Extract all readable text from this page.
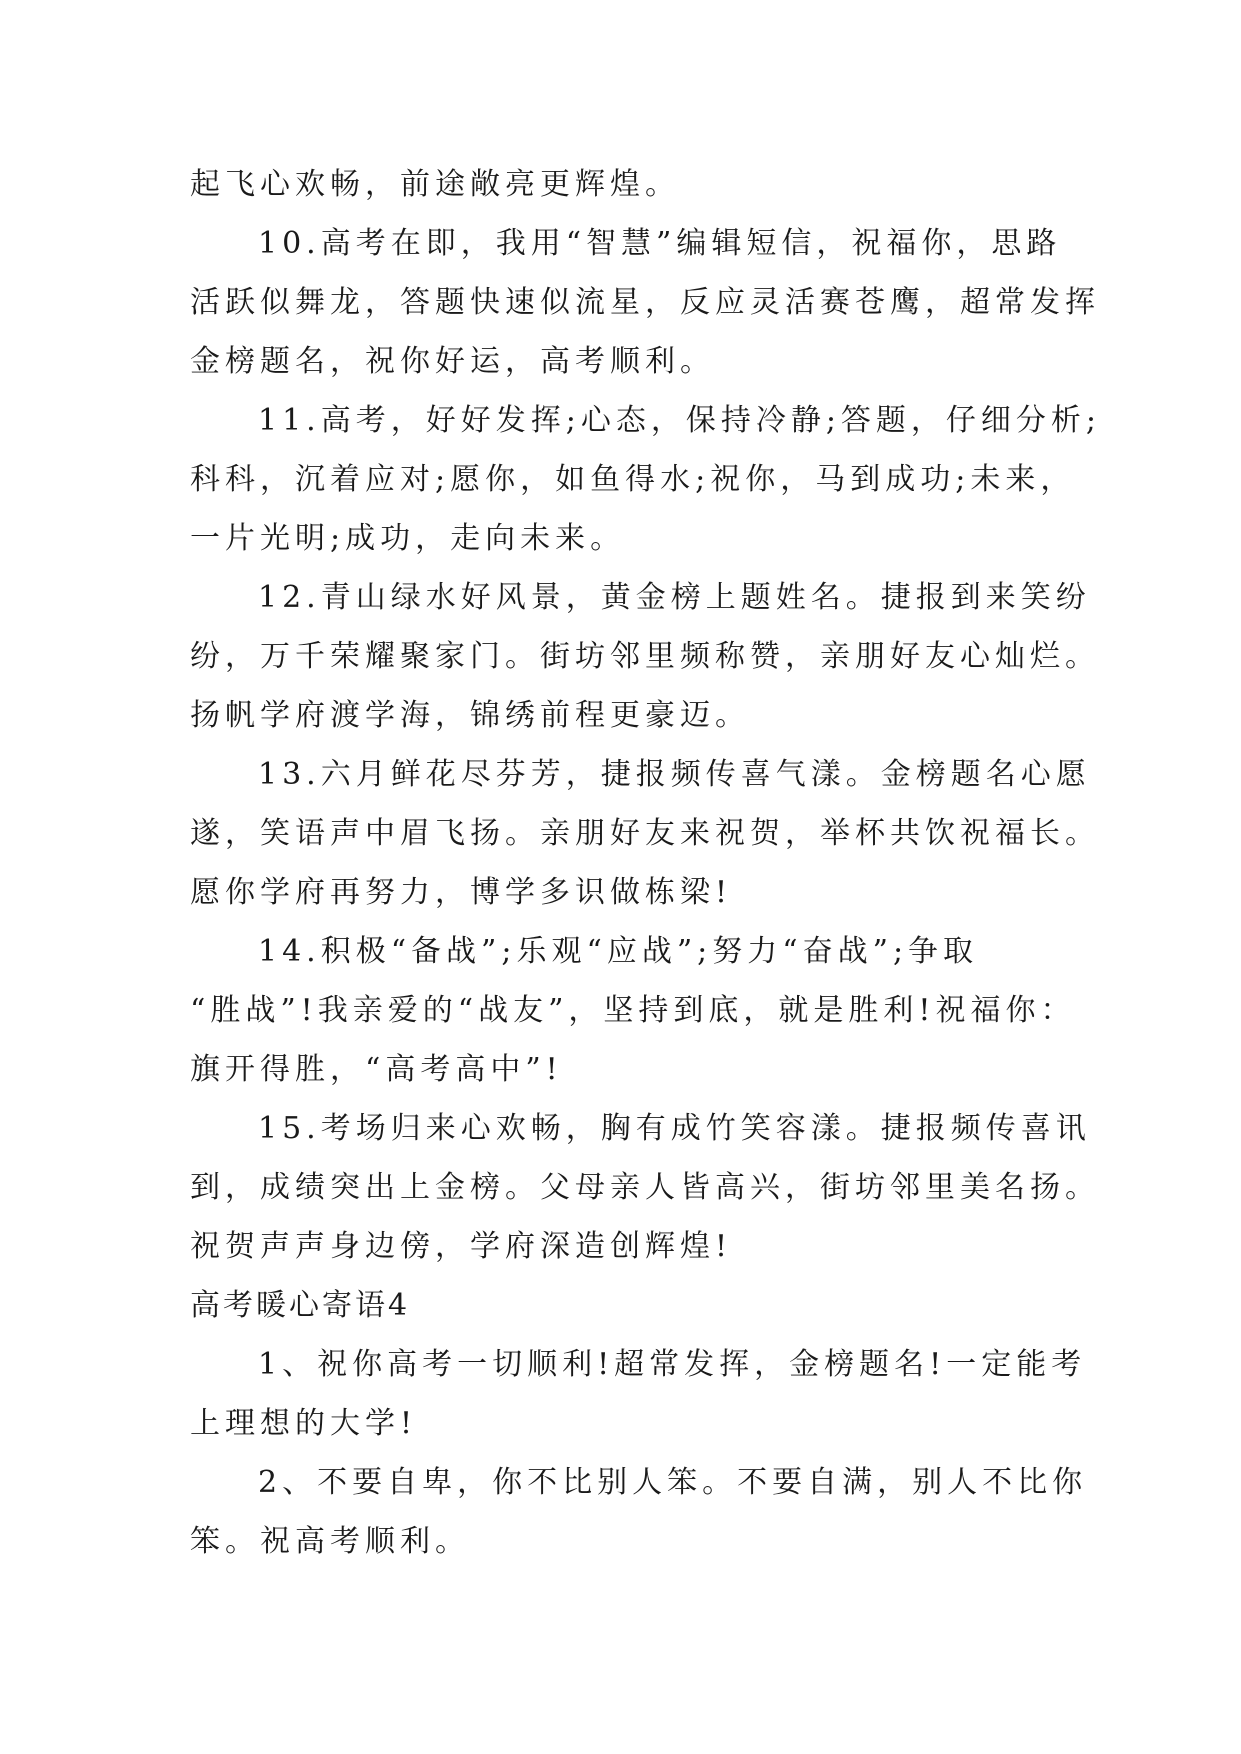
起飞心欢畅，前途敞亮更辉煌。

10.高考在即，我用“智慧”编辑短信，祝福你，思路
活跃似舞龙，答题快速似流星，反应灵活赛苍鹰，超常发挥
金榜题名，祝你好运，高考顺利。

11.高考，好好发挥;心态，保持冷静;答题，仔细分析;
科科，沉着应对;愿你，如鱼得水;祝你，马到成功;未来，
一片光明;成功，走向未来。

12.青山绿水好风景，黄金榜上题姓名。捷报到来笑纷
纷，万千荣耀聚家门。街坊邻里频称赞，亲朋好友心灿烂。
扬帆学府渡学海，锦绣前程更豪迈。

13.六月鲜花尽芬芳，捷报频传喜气漾。金榜题名心愿
遂，笑语声中眉飞扬。亲朋好友来祝贺，举杯共饮祝福长。
愿你学府再努力，博学多识做栋梁!

14.积极“备战”;乐观“应战”;努力“奋战”;争取
“胜战”!我亲爱的“战友”，坚持到底，就是胜利!祝福你：
旗开得胜，“高考高中”!

15.考场归来心欢畅，胸有成竹笑容漾。捷报频传喜讯
到，成绩突出上金榜。父母亲人皆高兴，街坊邻里美名扬。
祝贺声声身边傍，学府深造创辉煌!

高考暖心寄语4

1、祝你高考一切顺利!超常发挥，金榜题名!一定能考
上理想的大学!

2、不要自卑，你不比别人笨。不要自满，别人不比你
笨。祝高考顺利。
